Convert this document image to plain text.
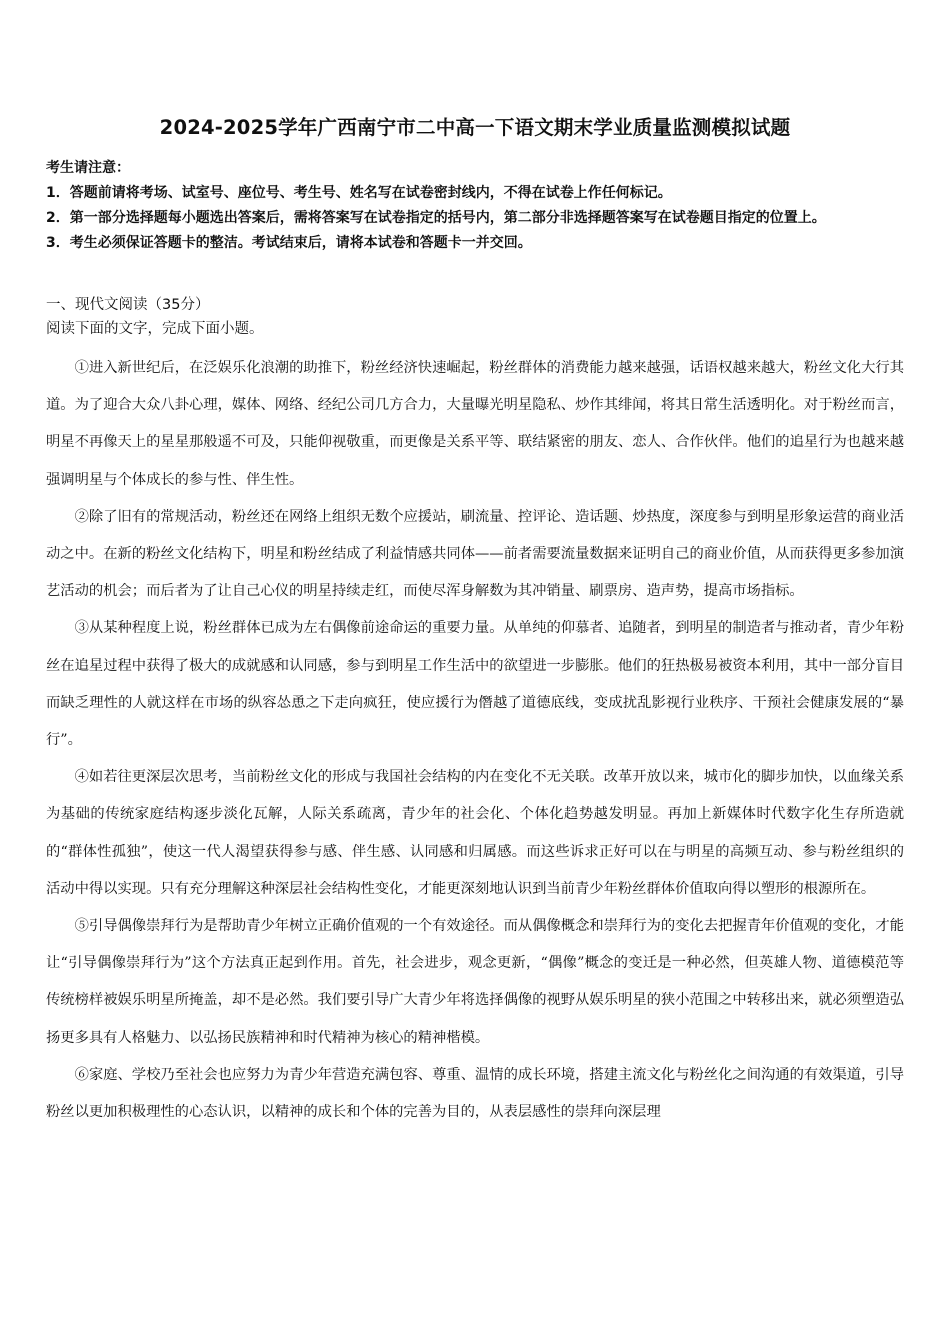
2024-2025学年广西南宁市二中高一下语文期末学业质量监测模拟试题

考生请注意：

1．答题前请将考场、试室号、座位号、考生号、姓名写在试卷密封线内，不得在试卷上作任何标记。

2．第一部分选择题每小题选出答案后，需将答案写在试卷指定的括号内，第二部分非选择题答案写在试卷题目指定的位置上。

3．考生必须保证答题卡的整洁。考试结束后，请将本试卷和答题卡一并交回。

一、现代文阅读（35分）
阅读下面的文字，完成下面小题。

①进入新世纪后，在泛娱乐化浪潮的助推下，粉丝经济快速崛起，粉丝群体的消费能力越来越强，话语权越来越大，粉丝文化大行其道。为了迎合大众八卦心理，媒体、网络、经纪公司几方合力，大量曝光明星隐私、炒作其绯闻，将其日常生活透明化。对于粉丝而言，明星不再像天上的星星那般遥不可及，只能仰视敬重，而更像是关系平等、联结紧密的朋友、恋人、合作伙伴。他们的追星行为也越来越强调明星与个体成长的参与性、伴生性。

②除了旧有的常规活动，粉丝还在网络上组织无数个应援站，刷流量、控评论、造话题、炒热度，深度参与到明星形象运营的商业活动之中。在新的粉丝文化结构下，明星和粉丝结成了利益情感共同体——前者需要流量数据来证明自己的商业价值，从而获得更多参加演艺活动的机会；而后者为了让自己心仪的明星持续走红，而使尽浑身解数为其冲销量、刷票房、造声势，提高市场指标。

③从某种程度上说，粉丝群体已成为左右偶像前途命运的重要力量。从单纯的仰慕者、追随者，到明星的制造者与推动者，青少年粉丝在追星过程中获得了极大的成就感和认同感，参与到明星工作生活中的欲望进一步膨胀。他们的狂热极易被资本利用，其中一部分盲目而缺乏理性的人就这样在市场的纵容怂恿之下走向疯狂，使应援行为僭越了道德底线，变成扰乱影视行业秩序、干预社会健康发展的“暴行”。

④如若往更深层次思考，当前粉丝文化的形成与我国社会结构的内在变化不无关联。改革开放以来，城市化的脚步加快，以血缘关系为基础的传统家庭结构逐步淡化瓦解，人际关系疏离，青少年的社会化、个体化趋势越发明显。再加上新媒体时代数字化生存所造就的“群体性孤独”，使这一代人渴望获得参与感、伴生感、认同感和归属感。而这些诉求正好可以在与明星的高频互动、参与粉丝组织的活动中得以实现。只有充分理解这种深层社会结构性变化，才能更深刻地认识到当前青少年粉丝群体价值取向得以塑形的根源所在。

⑤引导偶像崇拜行为是帮助青少年树立正确价值观的一个有效途径。而从偶像概念和崇拜行为的变化去把握青年价值观的变化，才能让“引导偶像崇拜行为”这个方法真正起到作用。首先，社会进步，观念更新，“偶像”概念的变迁是一种必然，但英雄人物、道德模范等传统榜样被娱乐明星所掩盖，却不是必然。我们要引导广大青少年将选择偶像的视野从娱乐明星的狭小范围之中转移出来，就必须塑造弘扬更多具有人格魅力、以弘扬民族精神和时代精神为核心的精神楷模。

⑥家庭、学校乃至社会也应努力为青少年营造充满包容、尊重、温情的成长环境，搭建主流文化与粉丝化之间沟通的有效渠道，引导粉丝以更加积极理性的心态认识，以精神的成长和个体的完善为目的，从表层感性的崇拜向深层理
